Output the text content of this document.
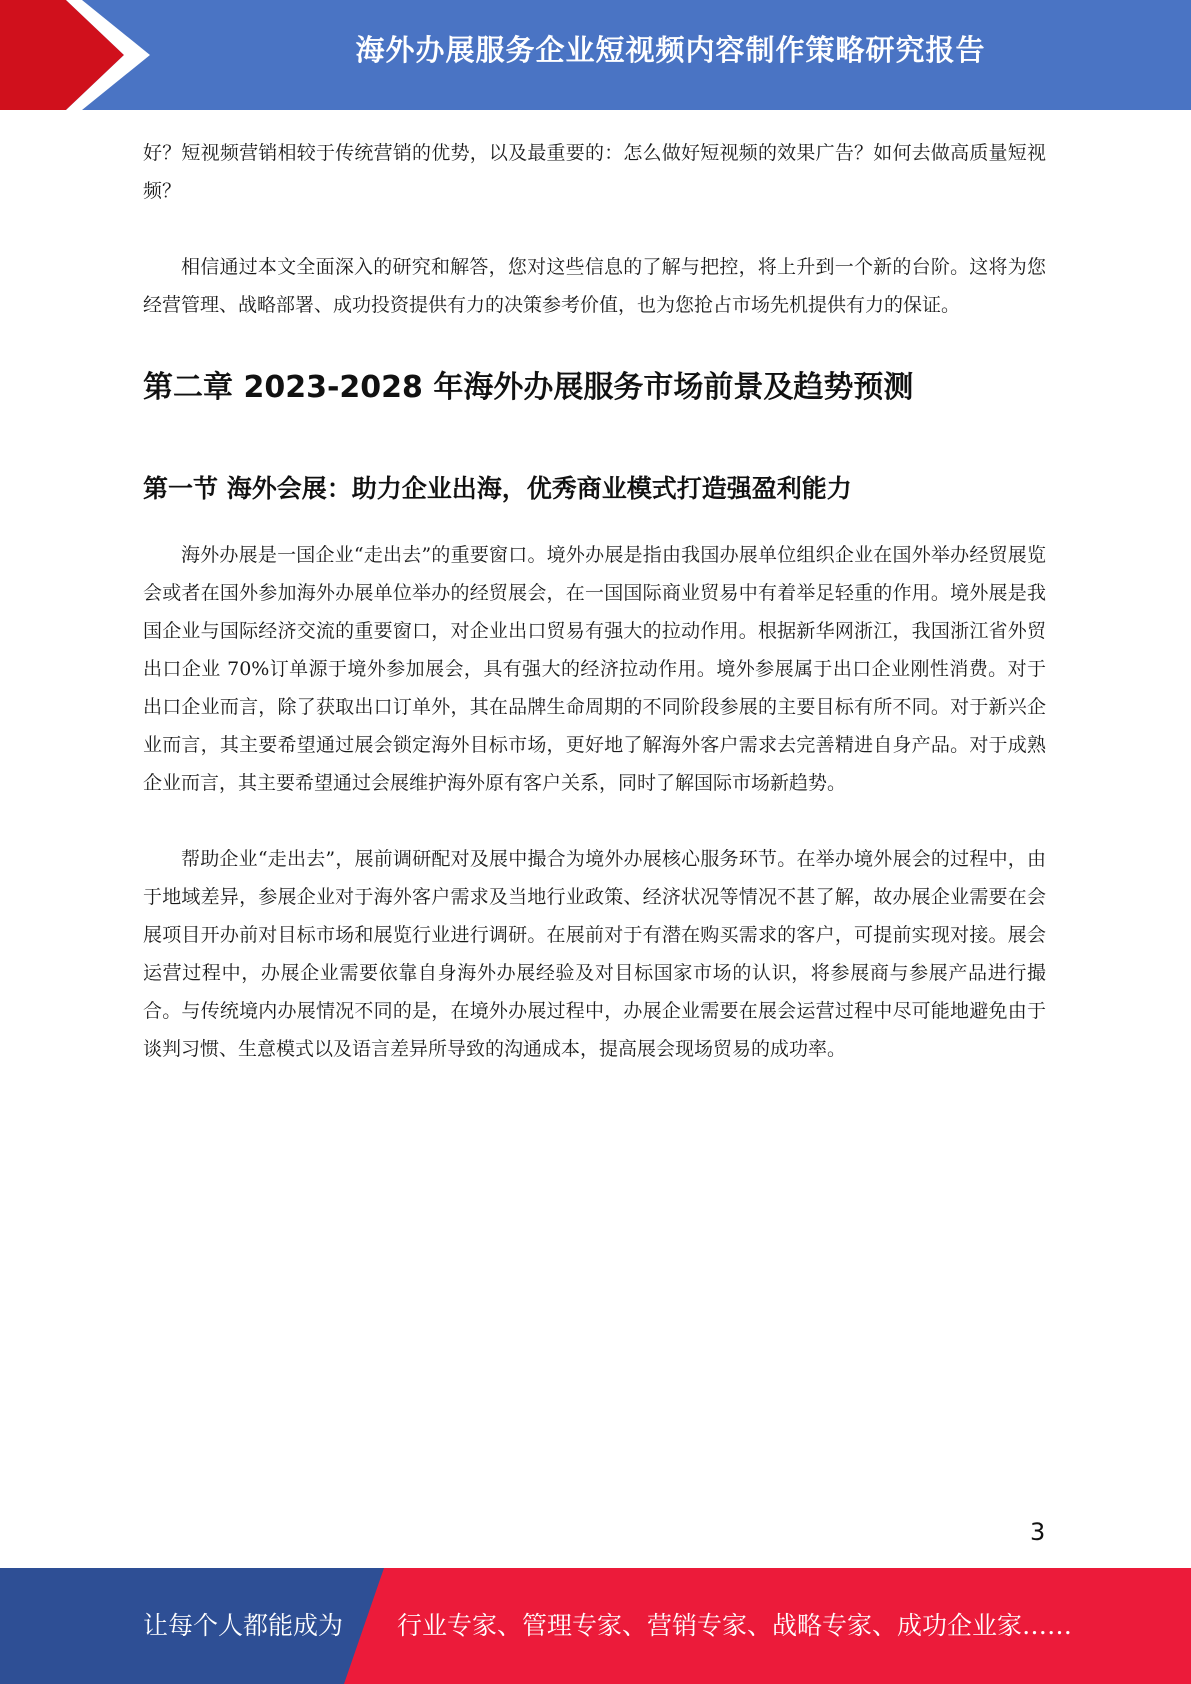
海外办展服务企业短视频内容制作策略研究报告

好？短视频营销相较于传统营销的优势，以及最重要的：怎么做好短视频的效果广告？如何去做高质量短视频？

相信通过本文全面深入的研究和解答，您对这些信息的了解与把控，将上升到一个新的台阶。这将为您经营管理、战略部署、成功投资提供有力的决策参考价值，也为您抢占市场先机提供有力的保证。

第二章 2023-2028 年海外办展服务市场前景及趋势预测
第一节 海外会展：助力企业出海，优秀商业模式打造强盈利能力

海外办展是一国企业“走出去”的重要窗口。境外办展是指由我国办展单位组织企业在国外举办经贸展览会或者在国外参加海外办展单位举办的经贸展会，在一国国际商业贸易中有着举足轻重的作用。境外展是我国企业与国际经济交流的重要窗口，对企业出口贸易有强大的拉动作用。根据新华网浙江，我国浙江省外贸出口企业 70%订单源于境外参加展会，具有强大的经济拉动作用。境外参展属于出口企业刚性消费。对于出口企业而言，除了获取出口订单外，其在品牌生命周期的不同阶段参展的主要目标有所不同。对于新兴企业而言，其主要希望通过展会锁定海外目标市场，更好地了解海外客户需求去完善精进自身产品。对于成熟企业而言，其主要希望通过会展维护海外原有客户关系，同时了解国际市场新趋势。

帮助企业“走出去”，展前调研配对及展中撮合为境外办展核心服务环节。在举办境外展会的过程中，由于地域差异，参展企业对于海外客户需求及当地行业政策、经济状况等情况不甚了解，故办展企业需要在会展项目开办前对目标市场和展览行业进行调研。在展前对于有潜在购买需求的客户，可提前实现对接。展会运营过程中，办展企业需要依靠自身海外办展经验及对目标国家市场的认识，将参展商与参展产品进行撮合。与传统境内办展情况不同的是，在境外办展过程中，办展企业需要在展会运营过程中尽可能地避免由于谈判习惯、生意模式以及语言差异所导致的沟通成本，提高展会现场贸易的成功率。

3
让每个人都能成为 行业专家、管理专家、营销专家、战略专家、成功企业家……
